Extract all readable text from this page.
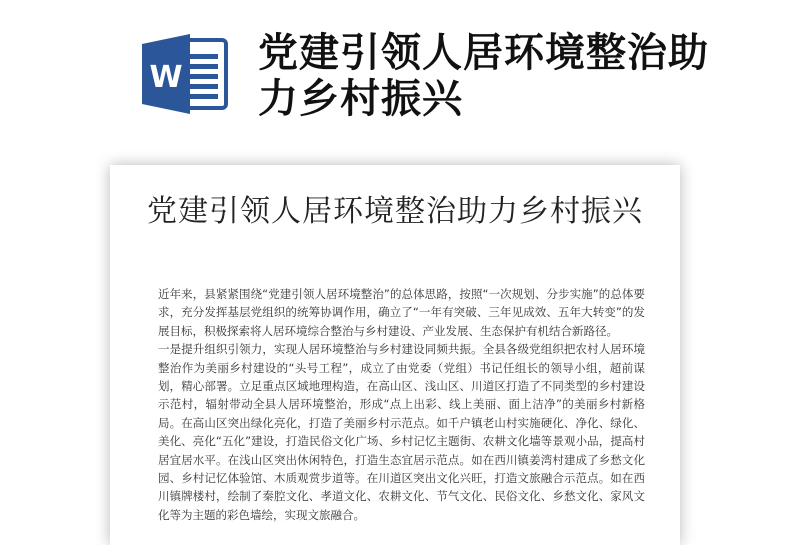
W
党建引领人居环境整治助力乡村振兴
党建引领人居环境整治助力乡村振兴

近年来，县紧紧围绕“党建引领人居环境整治”的总体思路，按照“一次规划、分步实施”的总体要求，充分发挥基层党组织的统筹协调作用，确立了“一年有突破、三年见成效、五年大转变”的发展目标，积极探索将人居环境综合整治与乡村建设、产业发展、生态保护有机结合新路径。

一是提升组织引领力，实现人居环境整治与乡村建设同频共振。全县各级党组织把农村人居环境整治作为美丽乡村建设的“头号工程”，成立了由党委（党组）书记任组长的领导小组，超前谋划，精心部署。立足重点区域地理构造，在高山区、浅山区、川道区打造了不同类型的乡村建设示范村，辐射带动全县人居环境整治，形成“点上出彩、线上美丽、面上洁净”的美丽乡村新格局。在高山区突出绿化亮化，打造了美丽乡村示范点。如千户镇老山村实施硬化、净化、绿化、美化、亮化“五化”建设，打造民俗文化广场、乡村记忆主题街、农耕文化墙等景观小品，提高村居宜居水平。在浅山区突出休闲特色，打造生态宜居示范点。如在西川镇姜湾村建成了乡愁文化园、乡村记忆体验馆、木质观赏步道等。在川道区突出文化兴旺，打造文旅融合示范点。如在西川镇牌楼村，绘制了秦腔文化、孝道文化、农耕文化、节气文化、民俗文化、乡愁文化、家风文化等为主题的彩色墙绘，实现文旅融合。
